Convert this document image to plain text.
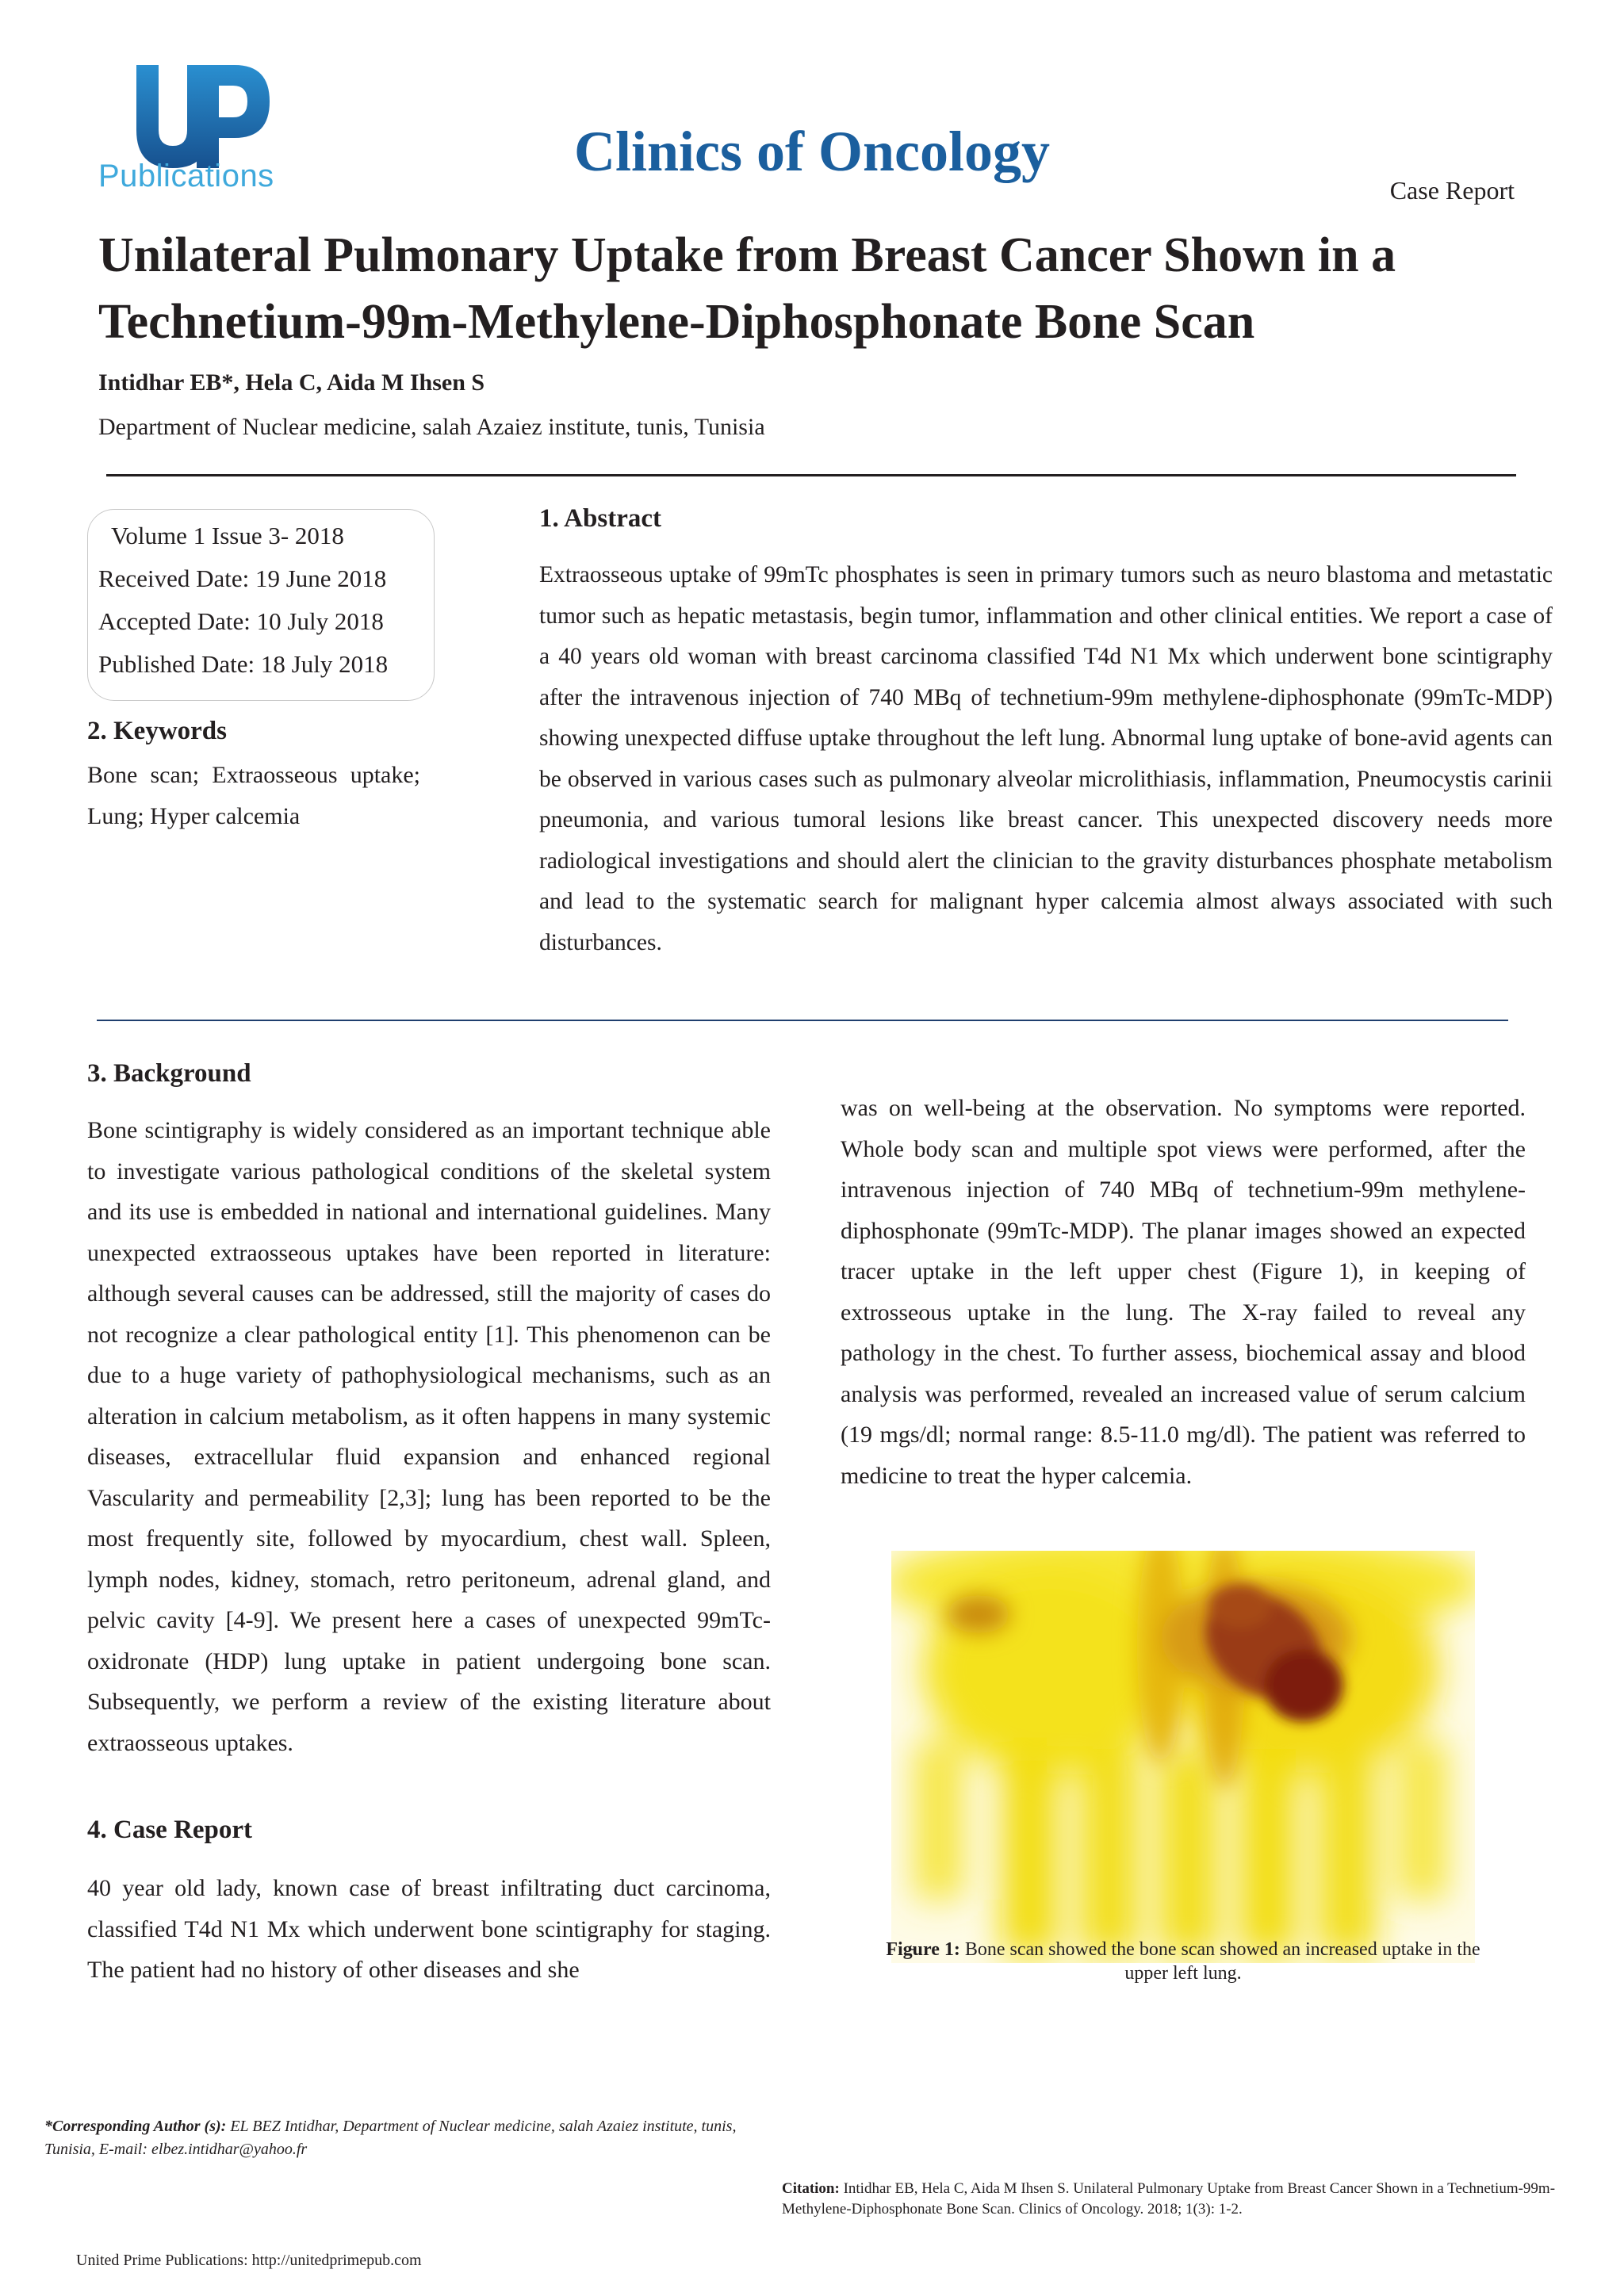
Publications	Clinics of Oncology
Case Report
Unilateral Pulmonary Uptake from Breast Cancer Shown in a Technetium-99m-Methylene-Diphosphonate Bone Scan
Intidhar EB*, Hela C, Aida M Ihsen S
Department of Nuclear medicine, salah Azaiez institute, tunis, Tunisia
Volume 1 Issue 3- 2018
Received Date: 19 June 2018
Accepted Date: 10 July 2018
Published Date: 18 July 2018
2. Keywords
Bone scan; Extraosseous uptake; Lung; Hyper calcemia
1. Abstract
Extraosseous uptake of 99mTc phosphates is seen in primary tumors such as neuro blastoma and metastatic tumor such as hepatic metastasis, begin tumor, inflammation and other clinical entities. We report a case of a 40 years old woman with breast carcinoma classified T4d N1 Mx which underwent bone scintigraphy after the intravenous injection of 740 MBq of technetium-99m methylene-diphosphonate (99mTc-MDP) showing unexpected diffuse uptake throughout the left lung. Abnormal lung uptake of bone-avid agents can be observed in various cases such as pulmonary alveolar microlithiasis, inflammation, Pneumocystis carinii pneumonia, and various tumoral lesions like breast cancer. This unexpected discovery needs more radiological investigations and should alert the clinician to the gravity disturbances phosphate metabolism and lead to the systematic search for malignant hyper calcemia almost always associated with such disturbances.
3. Background
Bone scintigraphy is widely considered as an important technique able to investigate various pathological conditions of the skeletal system and its use is embedded in national and international guidelines. Many unexpected extraosseous uptakes have been reported in literature: although several causes can be addressed, still the majority of cases do not recognize a clear pathological entity [1]. This phenomenon can be due to a huge variety of pathophysiological mechanisms, such as an alteration in calcium metabolism, as it often happens in many systemic diseases, extracellular fluid expansion and enhanced regional Vascularity and permeability [2,3]; lung has been reported to be the most frequently site, followed by myocardium, chest wall. Spleen, lymph nodes, kidney, stomach, retro peritoneum, adrenal gland, and pelvic cavity [4-9]. We present here a cases of unexpected 99mTc-oxidronate (HDP) lung uptake in patient undergoing bone scan. Subsequently, we perform a review of the existing literature about extraosseous uptakes.
4. Case Report
40 year old lady, known case of breast infiltrating duct carcinoma, classified T4d N1 Mx which underwent bone scintigraphy for staging. The patient had no history of other diseases and she
was on well-being at the observation. No symptoms were reported. Whole body scan and multiple spot views were performed, after the intravenous injection of 740 MBq of technetium-99m methylene-diphosphonate (99mTc-MDP). The planar images showed an expected tracer uptake in the left upper chest (Figure 1), in keeping of extrosseous uptake in the lung. The X-ray failed to reveal any pathology in the chest. To further assess, biochemical assay and blood analysis was performed, revealed an increased value of serum calcium (19 mgs/dl; normal range: 8.5-11.0 mg/dl). The patient was referred to medicine to treat the hyper calcemia.
Figure 1: Bone scan showed the bone scan showed an increased uptake in the upper left lung.
*Corresponding Author (s): EL BEZ Intidhar, Department of Nuclear medicine, salah Azaiez institute, tunis, Tunisia, E-mail: elbez.intidhar@yahoo.fr
Citation: Intidhar EB, Hela C, Aida M Ihsen S. Unilateral Pulmonary Uptake from Breast Cancer Shown in a Technetium-99m-Methylene-Diphosphonate Bone Scan. Clinics of Oncology. 2018; 1(3): 1-2.
United Prime Publications: http://unitedprimepub.com
